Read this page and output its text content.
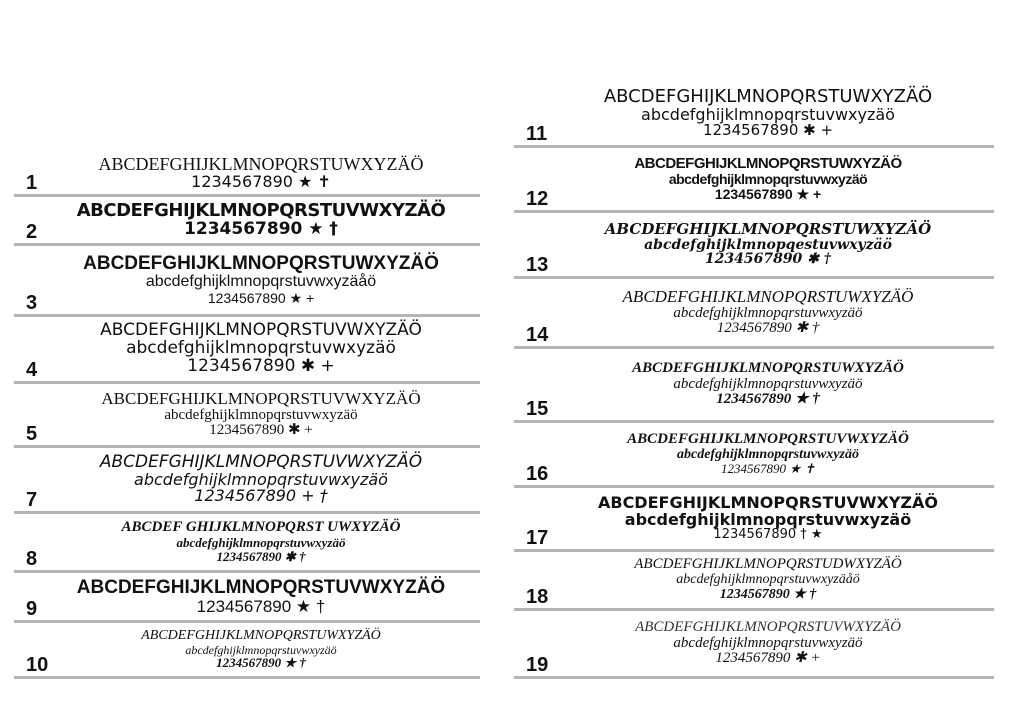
1
ABCDEFGHIJKLMNOPQRSTUWXYZÄÖ
1234567890 ★ ✝
2
ABCDEFGHIJKLMNOPQRSTUVWXYZÄÖ
1234567890 ★ †
3
ABCDEFGHIJKLMNOPQRSTUWXYZÄÖ
abcdefghijklmnopqrstuvwxyzäåö
1234567890 ★ +
4
ABCDEFGHIJKLMNOPQRSTUVWXYZÄÖ
abcdefghijklmnopqrstuvwxyzäö
1234567890 ✱ +
5
ABCDEFGHIJKLMNOPQRSTUVWXYZÄÖ
abcdefghijklmnopqrstuvwxyzäö
1234567890 ✱ +
7
ABCDEFGHIJKLMNOPQRSTUVWXYZÄÖ
abcdefghijklmnopqrstuvwxyzäö
1234567890 + †
8
ABCDEF GHIJKLMNOPQRST UWXYZÄÖ
abcdefghijklmnopqrstuvwxyzäö
1234567890 ✱ †
9
ABCDEFGHIJKLMNOPQRSTUVWXYZÄÖ
1234567890 ★ †
10
ABCDEFGHIJKLMNOPQRSTUWXYZÄÖ
abcdefghijklmnopqrstuvwxyzäö
1234567890 ★ †
11
ABCDEFGHIJKLMNOPQRSTUWXYZÄÖ
abcdefghijklmnopqrstuvwxyzäö
1234567890 ✱ +
12
ABCDEFGHIJKLMNOPQRSTUWXYZÄÖ
abcdefghijklmnopqrstuvwxyzäö
1234567890 ★ +
13
ABCDEFGHIJKLMNOPQRSTUWXYZÄÖ
abcdefghijklmnopqestuvwxyzäö
1234567890 ✱ †
14
ABCDEFGHIJKLMNOPQRSTUWXYZÄÖ
abcdefghijklmnopqrstuvwxyzäö
1234567890 ✱ †
15
ABCDEFGHIJKLMNOPQRSTUWXYZÄÖ
abcdefghijklmnopqrstuvwxyzäö
1234567890 ★ †
16
ABCDEFGHIJKLMNOPQRSTUVWXYZÄÖ
abcdefghijklmnopqrstuvwxyzäö
1234567890 ★ ✝
17
ABCDEFGHIJKLMNOPQRSTUVWXYZÄÖ
abcdefghijklmnopqrstuvwxyzäö
1234567890 † ★
18
ABCDEFGHIJKLMNOPQRSTUDWXYZÄÖ
abcdefghijklmnopqrstuvwxyzäåö
1234567890 ★ †
19
ABCDEFGHIJKLMNOPQRSTUVWXYZÄÖ
abcdefghijklmnopqrstuvwxyzäö
1234567890 ✱ +
